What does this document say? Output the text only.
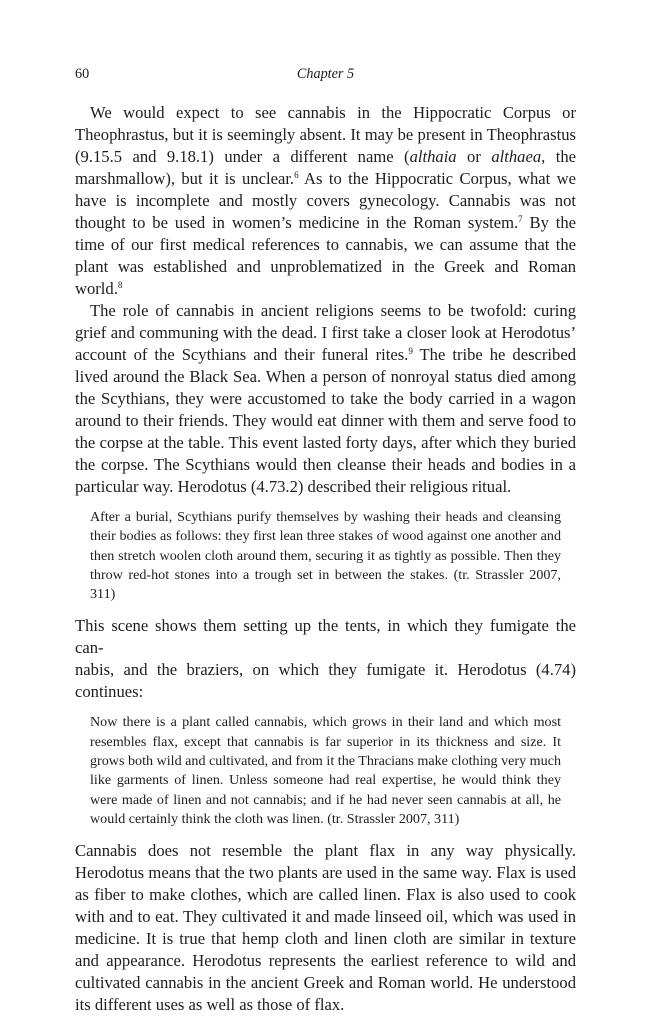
60	Chapter 5

We would expect to see cannabis in the Hippocratic Corpus or Theophrastus, but it is seemingly absent. It may be present in Theophrastus (9.15.5 and 9.18.1) under a different name (althaia or althaea, the marshmallow), but it is unclear.$^6$ As to the Hippocratic Corpus, what we have is incomplete and mostly covers gynecology. Cannabis was not thought to be used in women’s medicine in the Roman system.$^7$ By the time of our first medical references to cannabis, we can assume that the plant was established and unproblematized in the Greek and Roman world.$^8$

The role of cannabis in ancient religions seems to be twofold: curing grief and communing with the dead. I first take a closer look at Herodotus’ account of the Scythians and their funeral rites.$^9$ The tribe he described lived around the Black Sea. When a person of nonroyal status died among the Scythians, they were accustomed to take the body carried in a wagon around to their friends. They would eat dinner with them and serve food to the corpse at the table. This event lasted forty days, after which they buried the corpse. The Scythians would then cleanse their heads and bodies in a particular way. Herodotus (4.73.2) described their religious ritual.

After a burial, Scythians purify themselves by washing their heads and cleansing their bodies as follows: they first lean three stakes of wood against one another and then stretch woolen cloth around them, securing it as tightly as possible. Then they throw red-hot stones into a trough set in between the stakes. (tr. Strassler 2007, 311)

This scene shows them setting up the tents, in which they fumigate the can-
nabis, and the braziers, on which they fumigate it. Herodotus (4.74) continues:

Now there is a plant called cannabis, which grows in their land and which most resembles flax, except that cannabis is far superior in its thickness and size. It grows both wild and cultivated, and from it the Thracians make clothing very much like garments of linen. Unless someone had real expertise, he would think they were made of linen and not cannabis; and if he had never seen cannabis at all, he would certainly think the cloth was linen. (tr. Strassler 2007, 311)

Cannabis does not resemble the plant flax in any way physically. Herodotus means that the two plants are used in the same way. Flax is used as fiber to make clothes, which are called linen. Flax is also used to cook with and to eat. They cultivated it and made linseed oil, which was used in medicine. It is true that hemp cloth and linen cloth are similar in texture and appearance. Herodotus represents the earliest reference to wild and cultivated cannabis in the ancient Greek and Roman world. He understood its different uses as well as those of flax.
